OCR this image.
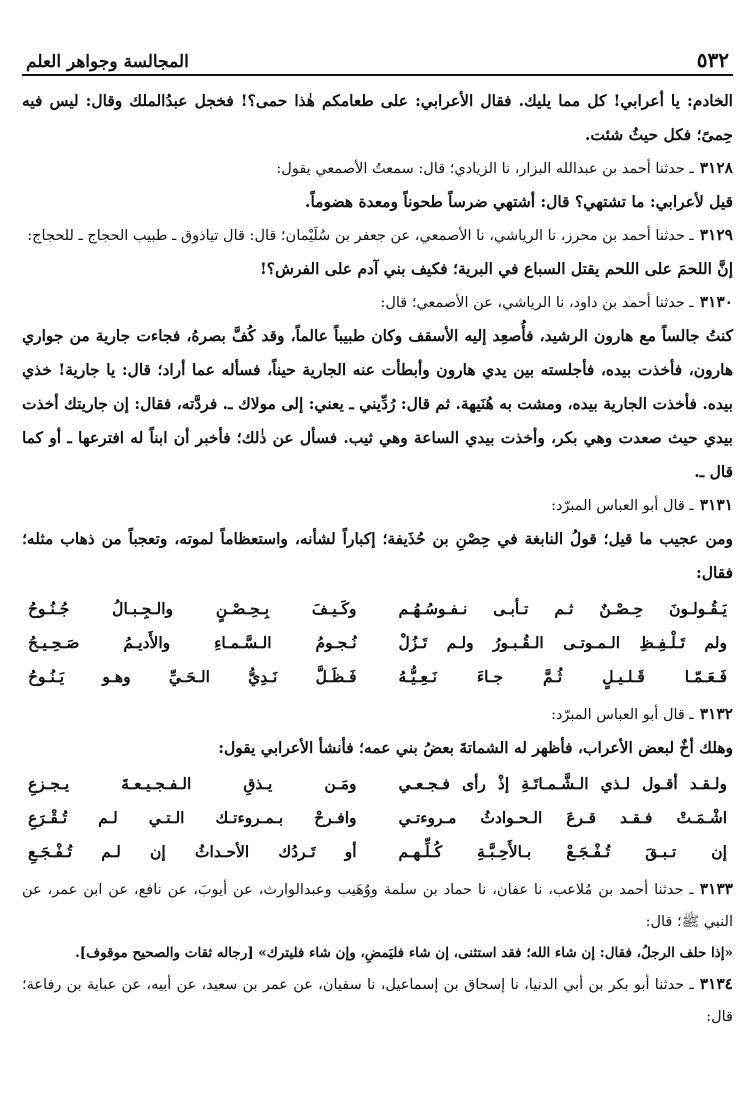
٥٣٢
المجالسة وجواهر العلم

الخادم: يا أعرابي! كل مما يليك. فقال الأعرابي: على طعامكم هٰذا حمى؟! فخجل عبدُالملك وقال: ليس فيه حِمىً؛ فكل حيثُ شئت.

٣١٢٨ـ حدثنا أحمد بن عبدالله البزار، نا الزيادي؛ قال: سمعتُ الأصمعي يقول:

قيل لأعرابي: ما تشتهي؟ قال: أشتهي ضرساً طحوناً ومعدة هضوماً.

٣١٢٩ـ حدثنا أحمد بن محرز، نا الرياشي، نا الأصمعي، عن جعفر بن سُلَيْمان؛ قال: قال تياذوق ـ طبيب الحجاج ـ للحجاج:

إنَّ اللحمَ على اللحم يقتل السباع في البرية؛ فكيف بني آدم على الفرش؟!

٣١٣٠ـ حدثنا أحمد بن داود، نا الرياشي، عن الأصمعي؛ قال:

كنتُ جالساً مع هارون الرشيد، فأُصعِد إليه الأسقف وكان طبيباً عالماً، وقد كُفَّ بصرهُ، فجاءت جارية من جواري هارون، فأخذت بيده، فأجلسته بين يدي هارون وأبطأت عنه الجارية حيناً، فسأله عما أراد؛ قال: يا جارية! خذي بيده. فأخذت الجارية بيده، ومشت به هُنَيهة. ثم قال: رُدِّيني ـ يعني: إلى مولاك ـ. فردَّته، فقال: إن جاريتك أخذت بيدي حيث صعدت وهي بكر، وأخذت بيدي الساعة وهي ثيب. فسأل عن ذٰلك؛ فأخبر أن ابناً له افترعها ـ أو كما قال ـ.

٣١٣١ـ قال أبو العباس المبرّد:

ومن عجيب ما قيل؛ قولُ النابغة في حِصْنِ بن حُذَيفة؛ إكباراً لشأنه، واستعظاماً لموته، وتعجباً من ذهاب مثله؛ فقال:

يَـقُـولـونَ حِـصْـنٌ ثـم تـأبـى نـفـوسُـهُـم
وكَـيـفَ بِـحِـصْـنٍ والـجِـبـالُ جُـنُـوحُ
ولم تَـلْـفِـظِ الـمـوتـى الـقُـبـورُ ولـم تَـزُلْ
نُـجـومُ الـسَّـمـاءِ والأَديـمُ صَـحِـيـحُ
فَـعَـمّـا قَـلـيـلٍ ثُـمَّ جـاءَ نَـعِـيُّـهُ
فَـظَـلَّ نَـدِيُّ الـحَـيِّ وهـو يَـنُـوحُ

٣١٣٢ـ قال أبو العباس المبرّد:

وهلك أخٌ لبعض الأعراب، فأظهر له الشماتةَ بعضُ بني عمه؛ فأنشأ الأعرابي يقول:

ولـقـد أقـول لـذي الـشَّـمـاتَـةِ إذْ رأى فـجـعـي
ومَـن يـذقِ الـفـجـيـعـةَ يـجـزعِ
اشْـمَـتْ فـقـد قـرعَ الـحـوادثُ مـروءتـي
وافـرحْ بـمـروءتـك الـتـي لـم تُـقْـرَعِ
إن تـبـقَ تُـفْـجَـعْ بـالأَحِـبَّـةِ كُـلِّـهـم
أو تَـردُك الأحـداثُ إن لـم تُـفْـجَـعِ

٣١٣٣ـ حدثنا أحمد بن مُلاعب، نا عفان، نا حماد بن سلمة ووُهَيب وعبدالوارث، عن أيوبَ، عن نافع، عن ابن عمر، عن النبي ﷺ؛ قال:

«إذا حلف الرجلُ، فقال: إن شاء الله؛ فقد استثنى، إن شاء فليَمضِ، وإن شاء فليترك» [رجاله ثقات والصحيح موقوف].

٣١٣٤ـ حدثنا أبو بكر بن أبي الدنيا، نا إسحاق بن إسماعيل، نا سفيان، عن عمر بن سعيد، عن أبيه، عن عباية بن رفاعة؛ قال:
